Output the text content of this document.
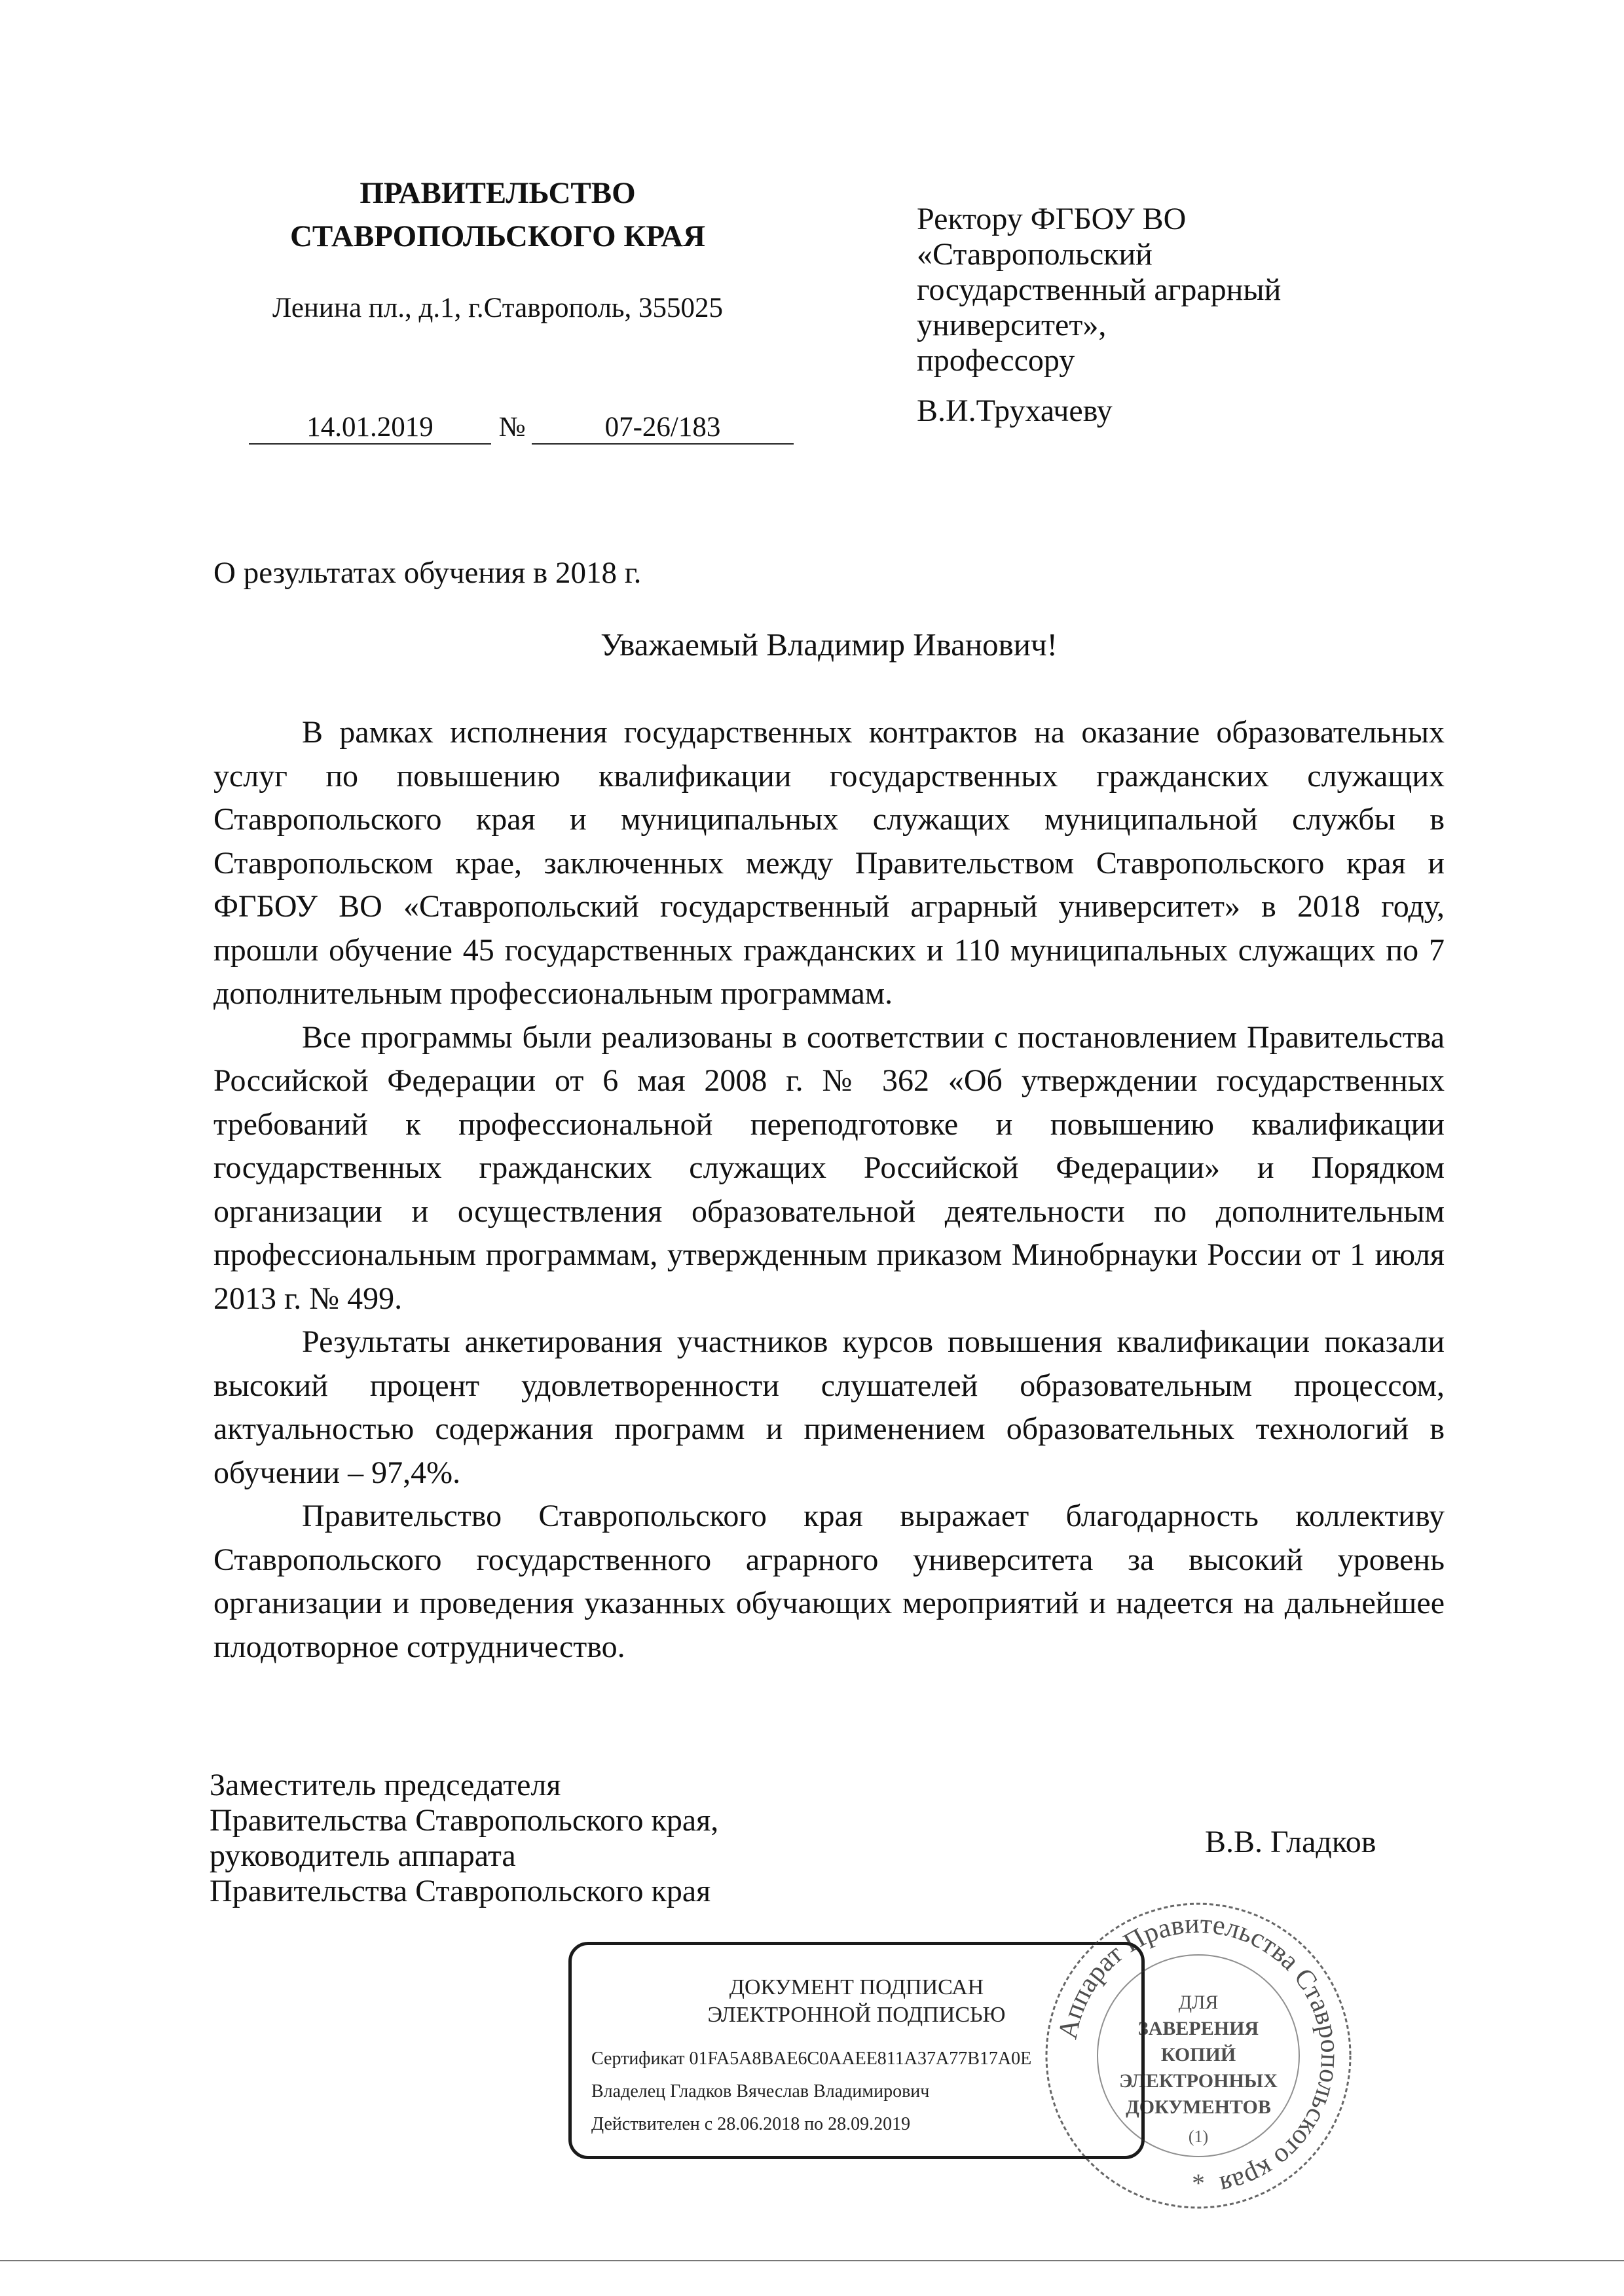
ПРАВИТЕЛЬСТВО
СТАВРОПОЛЬСКОГО КРАЯ
Ленина пл., д.1, г.Ставрополь, 355025
14.01.2019	№	07-26/183
Ректору ФГБОУ ВО
«Ставропольский
государственный аграрный
университет»,
профессору
В.И.Трухачеву
О результатах обучения в 2018 г.
Уважаемый Владимир Иванович!

В рамках исполнения государственных контрактов на оказание образовательных услуг по повышению квалификации государственных гражданских служащих Ставропольского края и муниципальных служащих муниципальной службы в Ставропольском крае, заключенных между Правительством Ставропольского края и ФГБОУ ВО «Ставропольский государственный аграрный университет» в 2018 году, прошли обучение 45 государственных гражданских и 110 муниципальных служащих по 7 дополнительным профессиональным программам.

Все программы были реализованы в соответствии с постановлением Правительства Российской Федерации от 6 мая 2008 г. № 362 «Об утверждении государственных требований к профессиональной переподготовке и повышению квалификации государственных гражданских служащих Российской Федерации» и Порядком организации и осуществления образовательной деятельности по дополнительным профессиональным программам, утвержденным приказом Минобрнауки России от 1 июля 2013 г. № 499.

Результаты анкетирования участников курсов повышения квалификации показали высокий процент удовлетворенности слушателей образовательным процессом, актуальностью содержания программ и применением образовательных технологий в обучении – 97,4%.

Правительство Ставропольского края выражает благодарность коллективу Ставропольского государственного аграрного университета за высокий уровень организации и проведения указанных обучающих мероприятий и надеется на дальнейшее плодотворное сотрудничество.

Заместитель председателя
Правительства Ставропольского края,
руководитель аппарата
Правительства Ставропольского края
В.В. Гладков
ДОКУМЕНТ ПОДПИСАН
ЭЛЕКТРОННОЙ ПОДПИСЬЮ
Сертификат 01FA5A8BAE6C0AAEE811A37A77B17A0E
Владелец Гладков Вячеслав Владимирович
Действителен с 28.06.2018 по 28.09.2019
Аппарат Правительства Ставропольского края
ДЛЯ
ЗАВЕРЕНИЯ
КОПИЙ
ЭЛЕКТРОННЫХ
ДОКУМЕНТОВ
(1)
*
